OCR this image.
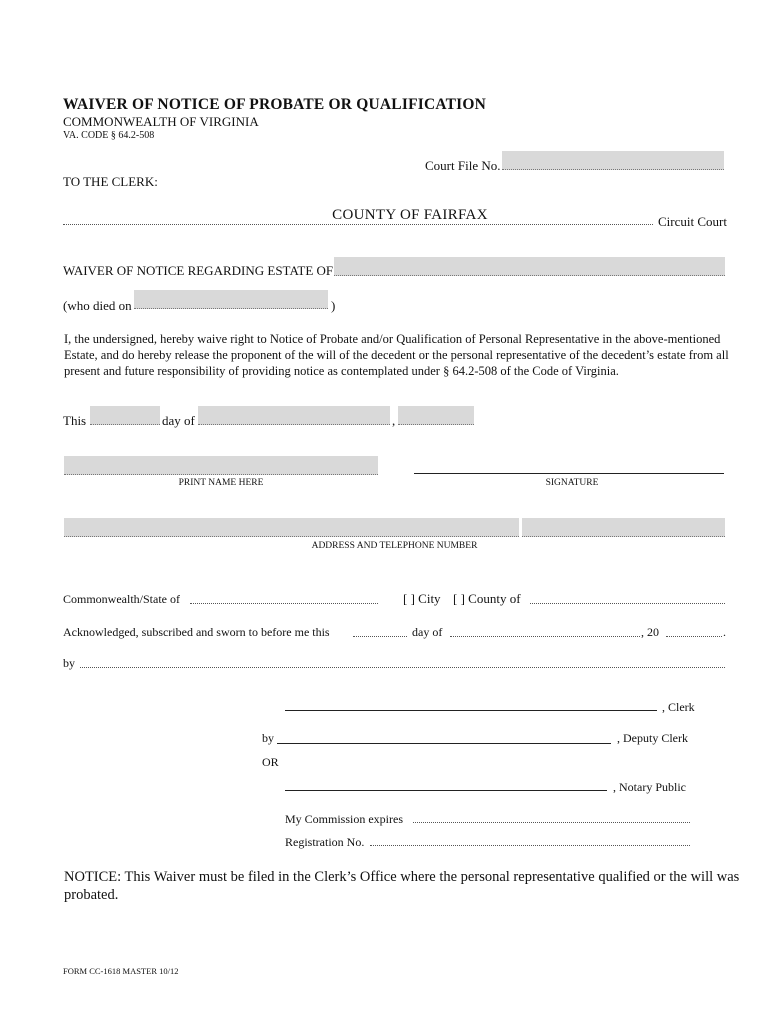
WAIVER OF NOTICE OF PROBATE OR QUALIFICATION
COMMONWEALTH OF VIRGINIA
VA. CODE § 64.2-508
Court File No.
TO THE CLERK:
COUNTY OF FAIRFAX	Circuit Court
WAIVER OF NOTICE REGARDING ESTATE OF
(who died on	)
I, the undersigned, hereby waive right to Notice of Probate and/or Qualification of Personal Representative in the above-mentioned Estate, and do hereby release the proponent of the will of the decedent or the personal representative of the decedent’s estate from all present and future responsibility of providing notice as contemplated under § 64.2-508 of the Code of Virginia.
This	day of	,
PRINT NAME HERE	SIGNATURE
ADDRESS AND TELEPHONE NUMBER
Commonwealth/State of	[ ] City [ ] County of
Acknowledged, subscribed and sworn to before me this	day of	, 20	.
by
, Clerk
by	, Deputy Clerk
OR
, Notary Public
My Commission expires
Registration No.
NOTICE: This Waiver must be filed in the Clerk’s Office where the personal representative qualified or the will was probated.
FORM CC-1618 MASTER 10/12
